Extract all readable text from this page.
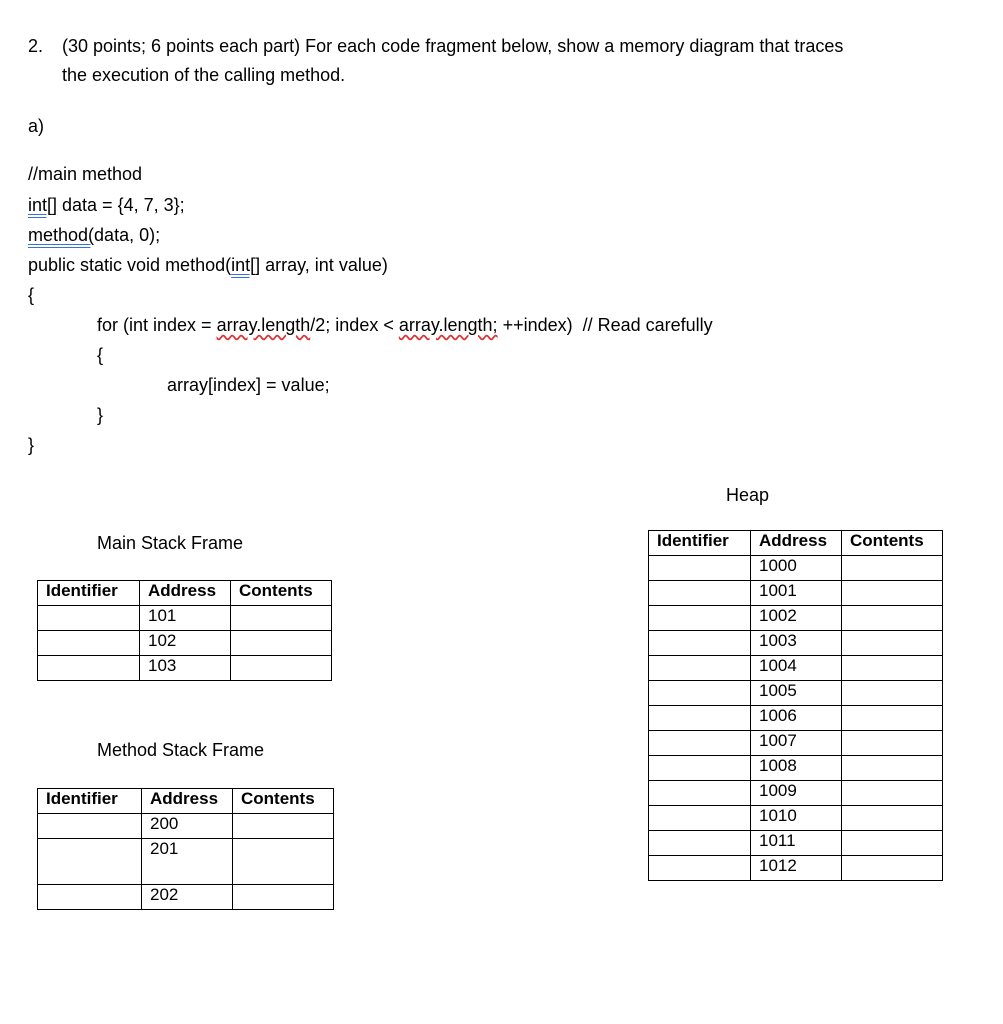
2. (30 points; 6 points each part) For each code fragment below, show a memory diagram that traces
the execution of the calling method.
a)
//main method
int[] data = {4, 7, 3};
method(data, 0);
public static void method(int[] array, int value)
{
for (int index = array.length/2; index < array.length; ++index)  // Read carefully
{
array[index] = value;
}
}
Main Stack Frame
Identifier	Address	Contents
	101	
	102	
	103	
Method Stack Frame
Identifier	Address	Contents
	200	
	201	
	202	
Heap
Identifier	Address	Contents
	1000	
	1001	
	1002	
	1003	
	1004	
	1005	
	1006	
	1007	
	1008	
	1009	
	1010	
	1011	
	1012	
